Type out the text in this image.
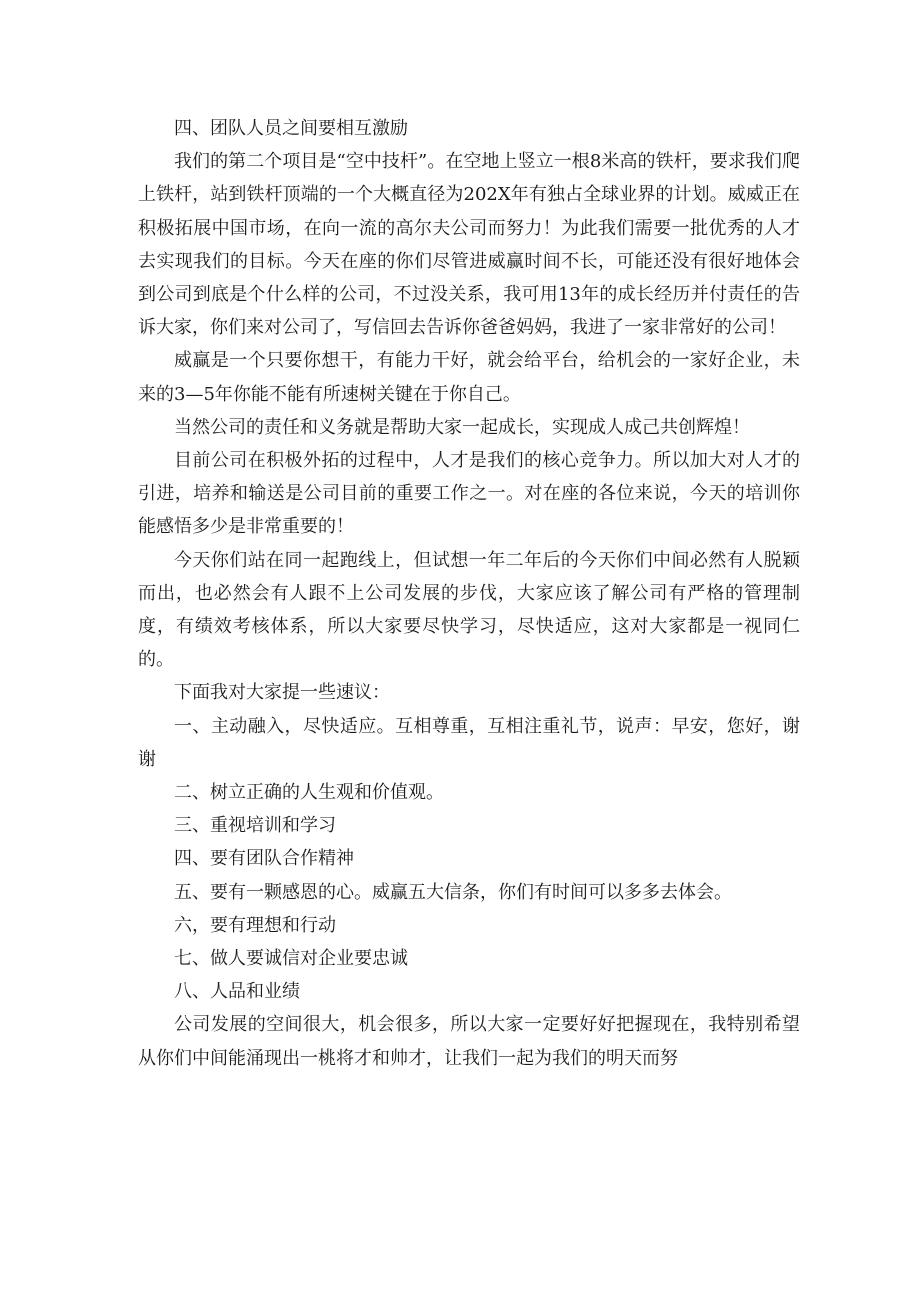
四、团队人员之间要相互激励

我们的第二个项目是“空中技杆”。在空地上竖立一根8米高的铁杆，要求我们爬上铁杆，站到铁杆顶端的一个大概直径为202X年有独占全球业界的计划。威威正在积极拓展中国市场，在向一流的高尔夫公司而努力！为此我们需要一批优秀的人才去实现我们的目标。今天在座的你们尽管进威赢时间不长，可能还没有很好地体会到公司到底是个什么样的公司，不过没关系，我可用13年的成长经历并付责任的告诉大家，你们来对公司了，写信回去告诉你爸爸妈妈，我进了一家非常好的公司！

威赢是一个只要你想干，有能力干好，就会给平台，给机会的一家好企业，未来的3—5年你能不能有所速树关键在于你自己。

当然公司的责任和义务就是帮助大家一起成长，实现成人成己共创辉煌！

目前公司在积极外拓的过程中，人才是我们的核心竞争力。所以加大对人才的引进，培养和输送是公司目前的重要工作之一。对在座的各位来说，今天的培训你能感悟多少是非常重要的！

今天你们站在同一起跑线上，但试想一年二年后的今天你们中间必然有人脱颖而出，也必然会有人跟不上公司发展的步伐，大家应该了解公司有严格的管理制度，有绩效考核体系，所以大家要尽快学习，尽快适应，这对大家都是一视同仁的。

下面我对大家提一些速议：

一、主动融入，尽快适应。互相尊重，互相注重礼节，说声：早安，您好，谢谢

二、树立正确的人生观和价值观。

三、重视培训和学习

四、要有团队合作精神

五、要有一颗感恩的心。威赢五大信条，你们有时间可以多多去体会。

六，要有理想和行动

七、做人要诚信对企业要忠诚

八、人品和业绩

公司发展的空间很大，机会很多，所以大家一定要好好把握现在，我特别希望从你们中间能涌现出一桃将才和帅才，让我们一起为我们的明天而努
